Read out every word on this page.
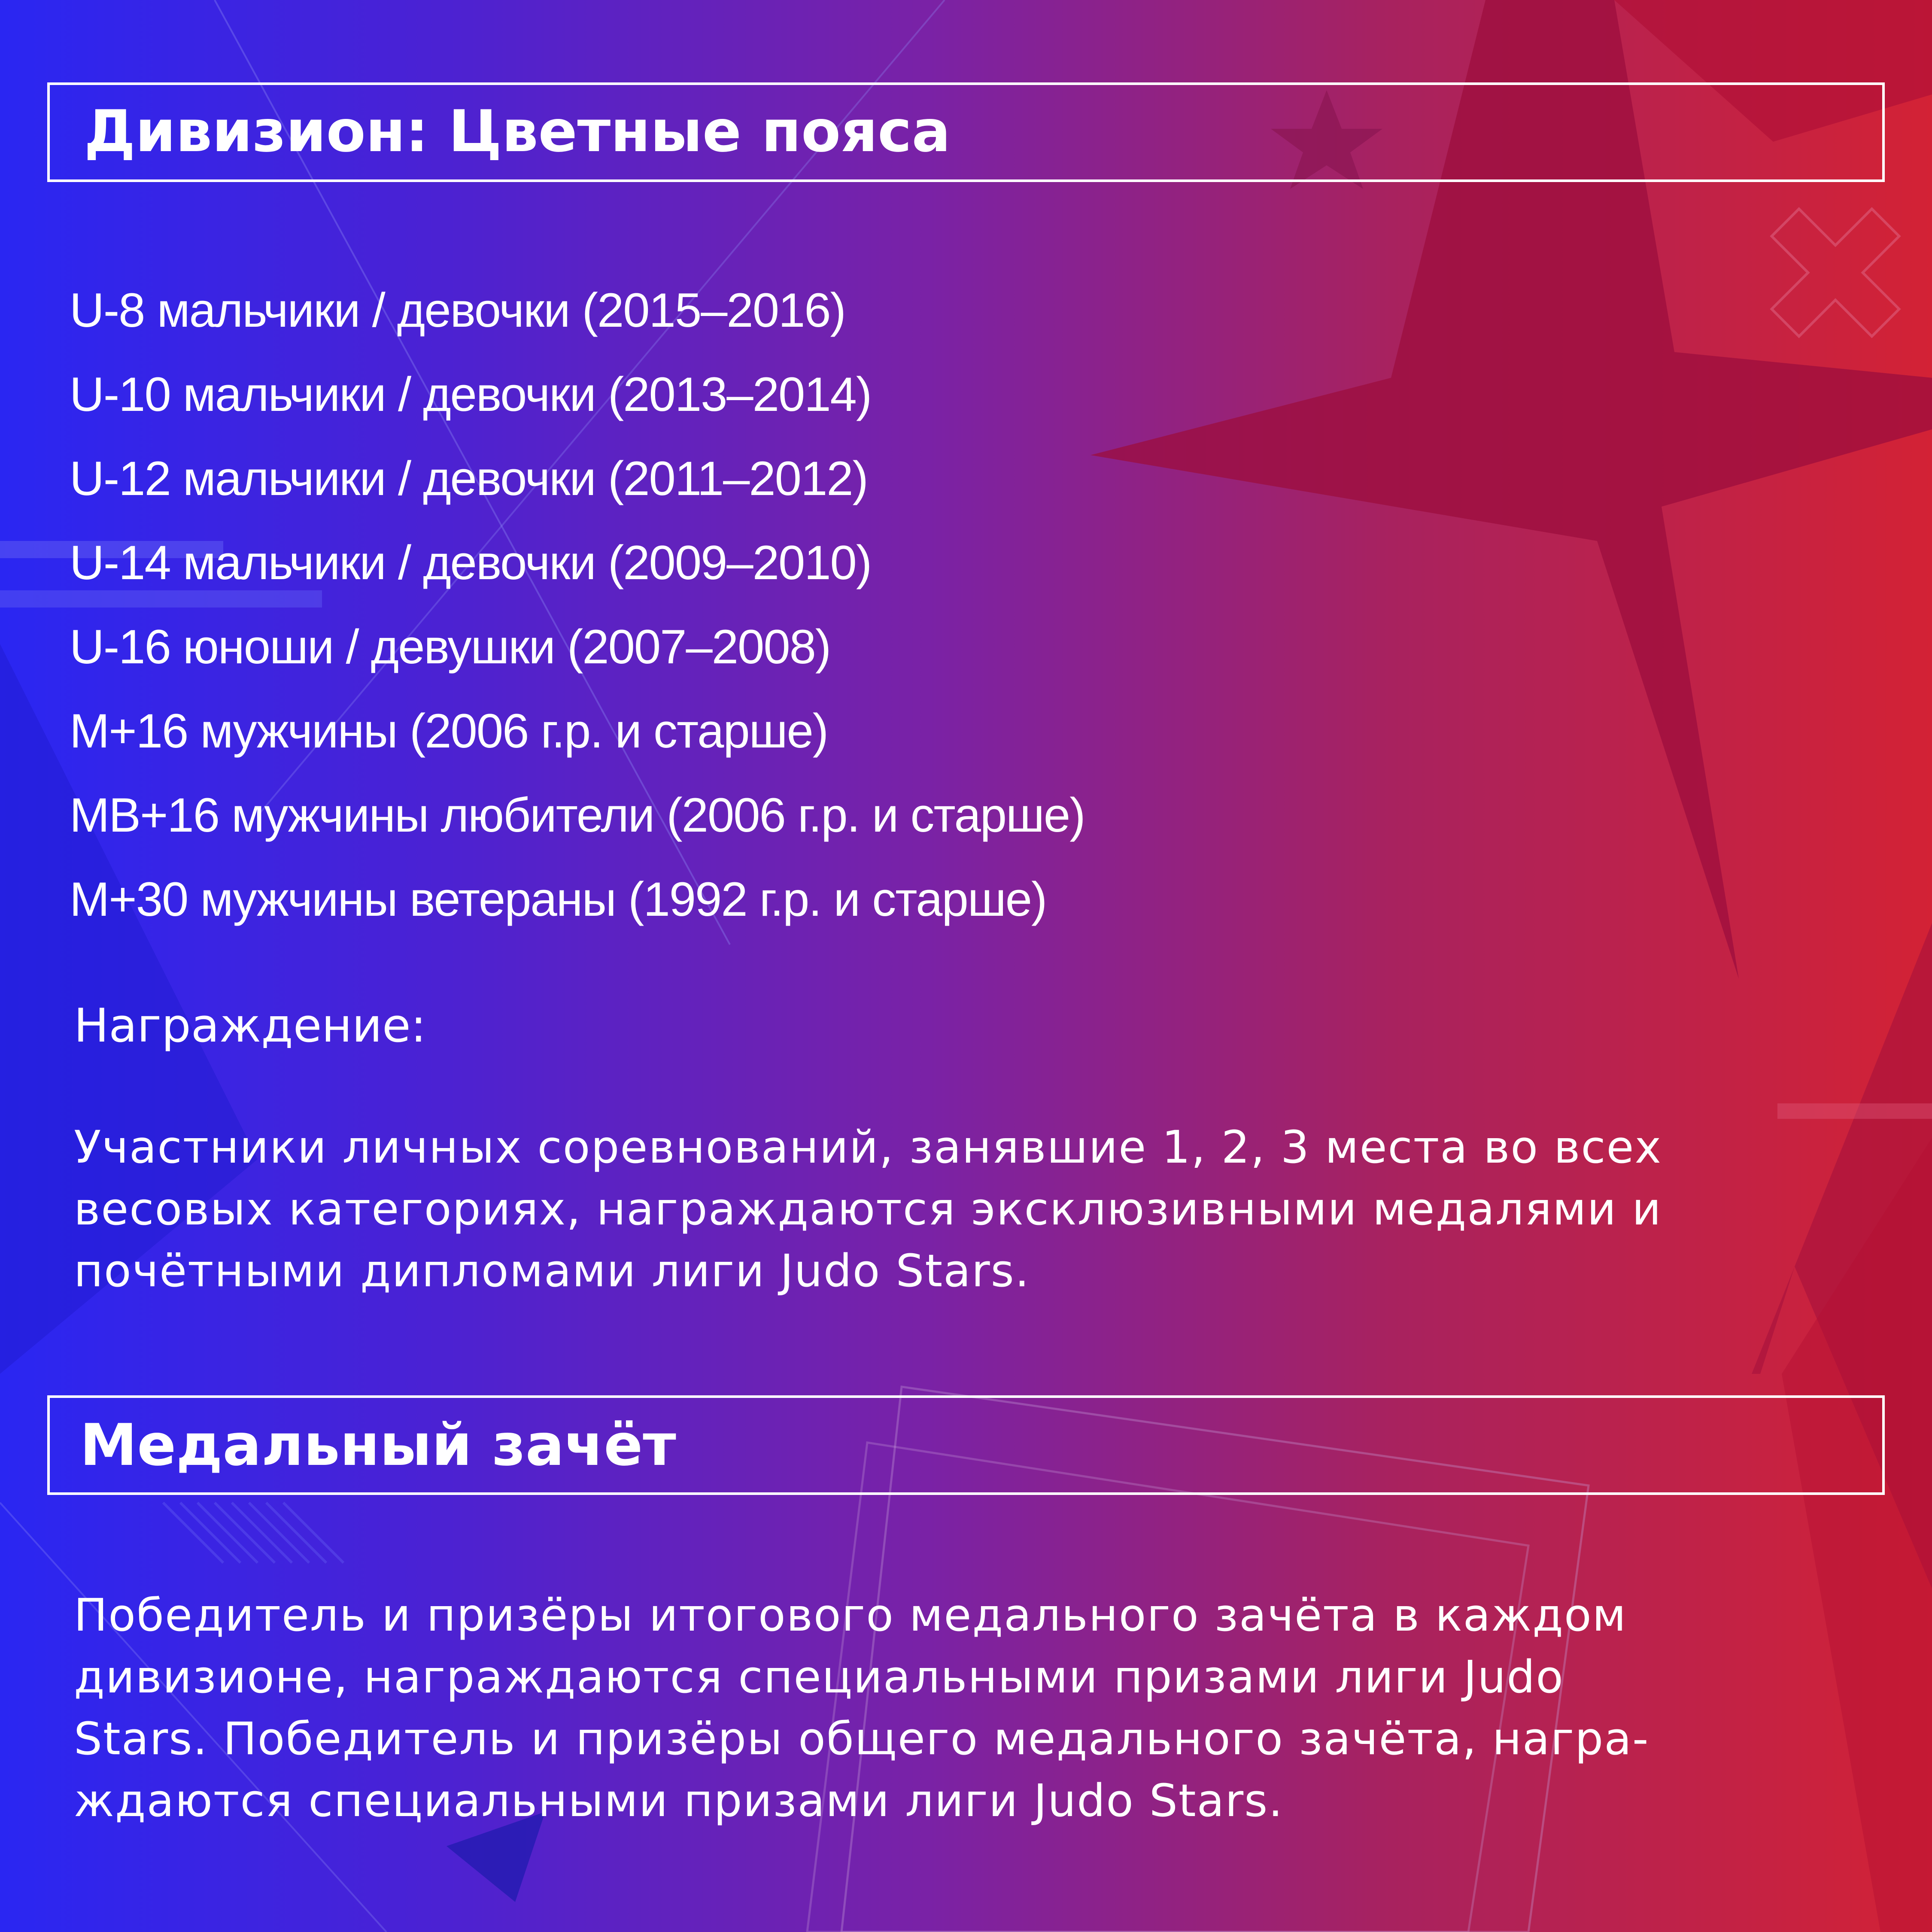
Дивизион: Цветные пояса
U-8 мальчики / девочки (2015–2016)
U-10 мальчики / девочки (2013–2014)
U-12 мальчики / девочки (2011–2012)
U-14 мальчики / девочки (2009–2010)
U-16 юноши / девушки (2007–2008)
M+16 мужчины (2006 г.р. и старше)
MB+16 мужчины любители (2006 г.р. и старше)
M+30 мужчины ветераны (1992 г.р. и старше)
Награждение:

Участники личных соревнований, занявшие 1, 2, 3 места во всех
весовых категориях, награждаются эксклюзивными медалями и
почётными дипломами лиги Judo Stars.

Медальный зачёт

Победитель и призёры итогового медального зачёта в каждом
дивизионе, награждаются специальными призами лиги Judo
Stars. Победитель и призёры общего медального зачёта, награ-
ждаются специальными призами лиги Judo Stars.
